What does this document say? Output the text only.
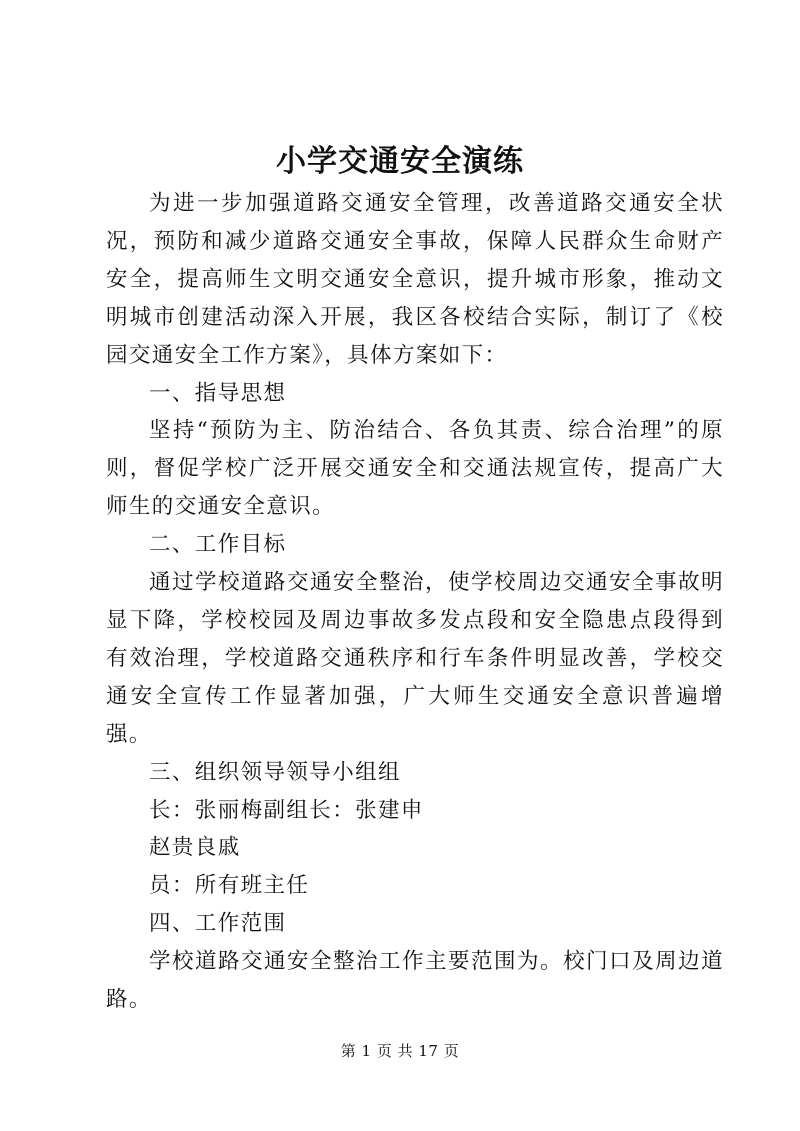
小学交通安全演练

为进一步加强道路交通安全管理，改善道路交通安全状况，预防和减少道路交通安全事故，保障人民群众生命财产安全，提高师生文明交通安全意识，提升城市形象，推动文明城市创建活动深入开展，我区各校结合实际，制订了《校园交通安全工作方案》，具体方案如下：

一、指导思想

坚持“预防为主、防治结合、各负其责、综合治理”的原则，督促学校广泛开展交通安全和交通法规宣传，提高广大师生的交通安全意识。

二、工作目标

通过学校道路交通安全整治，使学校周边交通安全事故明显下降，学校校园及周边事故多发点段和安全隐患点段得到有效治理，学校道路交通秩序和行车条件明显改善，学校交通安全宣传工作显著加强，广大师生交通安全意识普遍增强。

三、组织领导领导小组组

长：张丽梅副组长：张建申

赵贵良戚

员：所有班主任

四、工作范围

学校道路交通安全整治工作主要范围为。校门口及周边道路。

第 1 页 共 17 页
